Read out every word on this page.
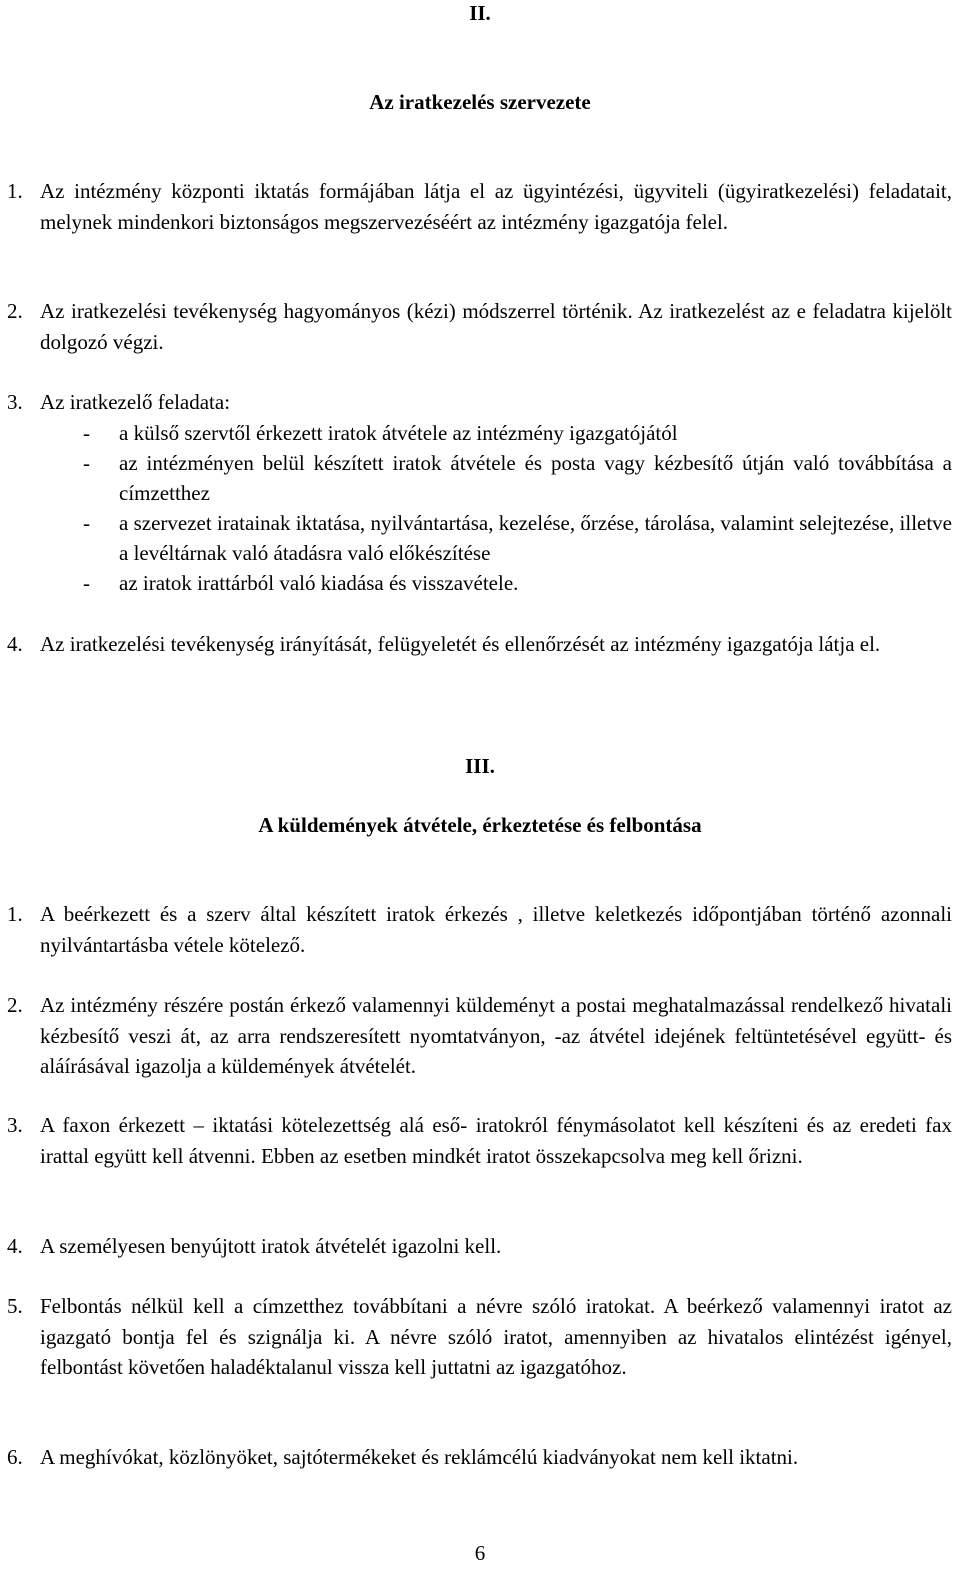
II.
Az iratkezelés szervezete
1. Az intézmény központi iktatás formájában látja el az ügyintézési, ügyviteli (ügyiratkezelési) feladatait, melynek mindenkori biztonságos megszervezéséért az intézmény igazgatója felel.
2. Az iratkezelési tevékenység hagyományos (kézi) módszerrel történik. Az iratkezelést az e feladatra kijelölt dolgozó végzi.
3. Az iratkezelő feladata:
- a külső szervtől érkezett iratok átvétele az intézmény igazgatójától
- az intézményen belül készített iratok átvétele és posta vagy kézbesítő útján való továbbítása a címzetthez
- a szervezet iratainak iktatása, nyilvántartása, kezelése, őrzése, tárolása, valamint selejtezése, illetve a levéltárnak való átadásra való előkészítése
- az iratok irattárból való kiadása és visszavétele.
4. Az iratkezelési tevékenység irányítását, felügyeletét és ellenőrzését az intézmény igazgatója látja el.
III.
A küldemények átvétele, érkeztetése és felbontása
1. A beérkezett és a szerv által készített iratok érkezés , illetve keletkezés időpontjában történő azonnali nyilvántartásba vétele kötelező.
2. Az intézmény részére postán érkező valamennyi küldeményt a postai meghatalmazással rendelkező hivatali kézbesítő veszi át, az arra rendszeresített nyomtatványon, -az átvétel idejének feltüntetésével együtt- és aláírásával igazolja a küldemények átvételét.
3. A faxon érkezett – iktatási kötelezettség alá eső- iratokról fénymásolatot kell készíteni és az eredeti fax irattal együtt kell átvenni. Ebben az esetben mindkét iratot összekapcsolva meg kell őrizni.
4. A személyesen benyújtott iratok átvételét igazolni kell.
5. Felbontás nélkül kell a címzetthez továbbítani a névre szóló iratokat. A beérkező valamennyi iratot az igazgató bontja fel és szignálja ki. A névre szóló iratot, amennyiben az hivatalos elintézést igényel, felbontást követően haladéktalanul vissza kell juttatni az igazgatóhoz.
6. A meghívókat, közlönyöket, sajtótermékeket és reklámcélú kiadványokat nem kell iktatni.
6
